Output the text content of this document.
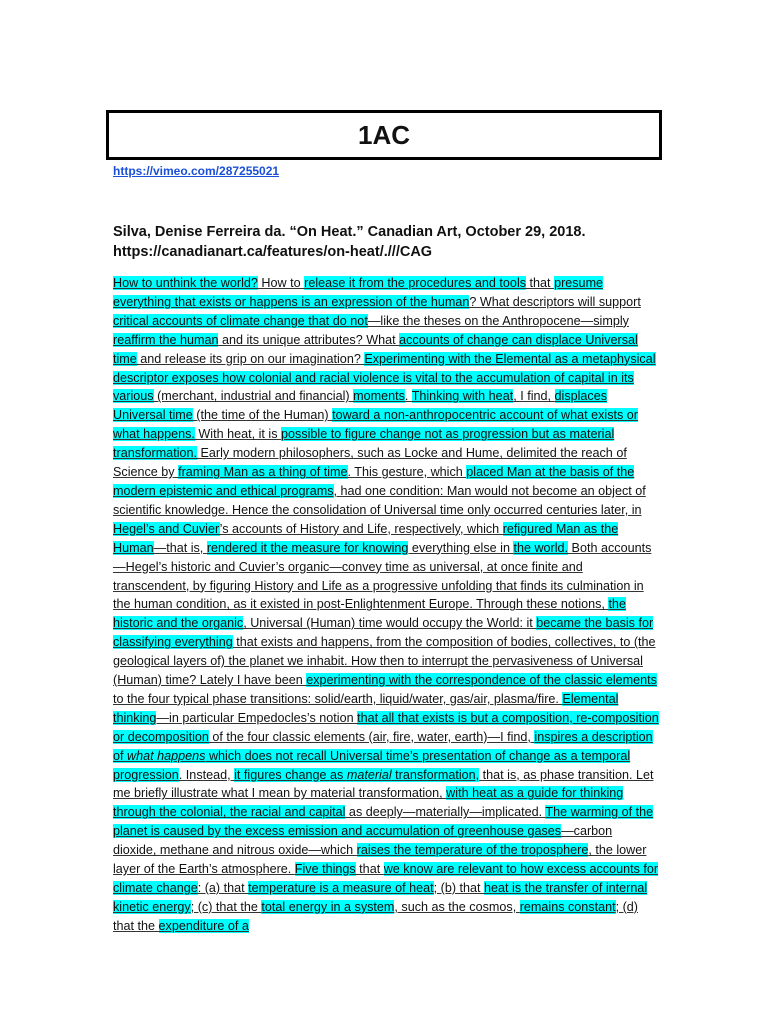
1AC
https://vimeo.com/287255021
Silva, Denise Ferreira da. “On Heat.” Canadian Art, October 29, 2018.
https://canadianart.ca/features/on-heat/.///CAG
How to unthink the world? How to release it from the procedures and tools that presume everything that exists or happens is an expression of the human? What descriptors will support critical accounts of climate change that do not—like the theses on the Anthropocene—simply reaffirm the human and its unique attributes? What accounts of change can displace Universal time and release its grip on our imagination? Experimenting with the Elemental as a metaphysical descriptor exposes how colonial and racial violence is vital to the accumulation of capital in its various (merchant, industrial and financial) moments. Thinking with heat, I find, displaces Universal time (the time of the Human) toward a non-anthropocentric account of what exists or what happens. With heat, it is possible to figure change not as progression but as material transformation. Early modern philosophers, such as Locke and Hume, delimited the reach of Science by framing Man as a thing of time. This gesture, which placed Man at the basis of the modern epistemic and ethical programs, had one condition: Man would not become an object of scientific knowledge. Hence the consolidation of Universal time only occurred centuries later, in Hegel’s and Cuvier’s accounts of History and Life, respectively, which refigured Man as the Human—that is, rendered it the measure for knowing everything else in the world. Both accounts—Hegel’s historic and Cuvier’s organic—convey time as universal, at once finite and transcendent, by figuring History and Life as a progressive unfolding that finds its culmination in the human condition, as it existed in post-Enlightenment Europe. Through these notions, the historic and the organic, Universal (Human) time would occupy the World: it became the basis for classifying everything that exists and happens, from the composition of bodies, collectives, to (the geological layers of) the planet we inhabit. How then to interrupt the pervasiveness of Universal (Human) time? Lately I have been experimenting with the correspondence of the classic elements to the four typical phase transitions: solid/earth, liquid/water, gas/air, plasma/fire. Elemental thinking—in particular Empedocles’s notion that all that exists is but a composition, re-composition or decomposition of the four classic elements (air, fire, water, earth)—I find, inspires a description of what happens which does not recall Universal time’s presentation of change as a temporal progression. Instead, it figures change as material transformation, that is, as phase transition. Let me briefly illustrate what I mean by material transformation, with heat as a guide for thinking through the colonial, the racial and capital as deeply—materially—implicated. The warming of the planet is caused by the excess emission and accumulation of greenhouse gases—carbon dioxide, methane and nitrous oxide—which raises the temperature of the troposphere, the lower layer of the Earth’s atmosphere. Five things that we know are relevant to how excess accounts for climate change: (a) that temperature is a measure of heat; (b) that heat is the transfer of internal kinetic energy; (c) that the total energy in a system, such as the cosmos, remains constant; (d) that the expenditure of a
